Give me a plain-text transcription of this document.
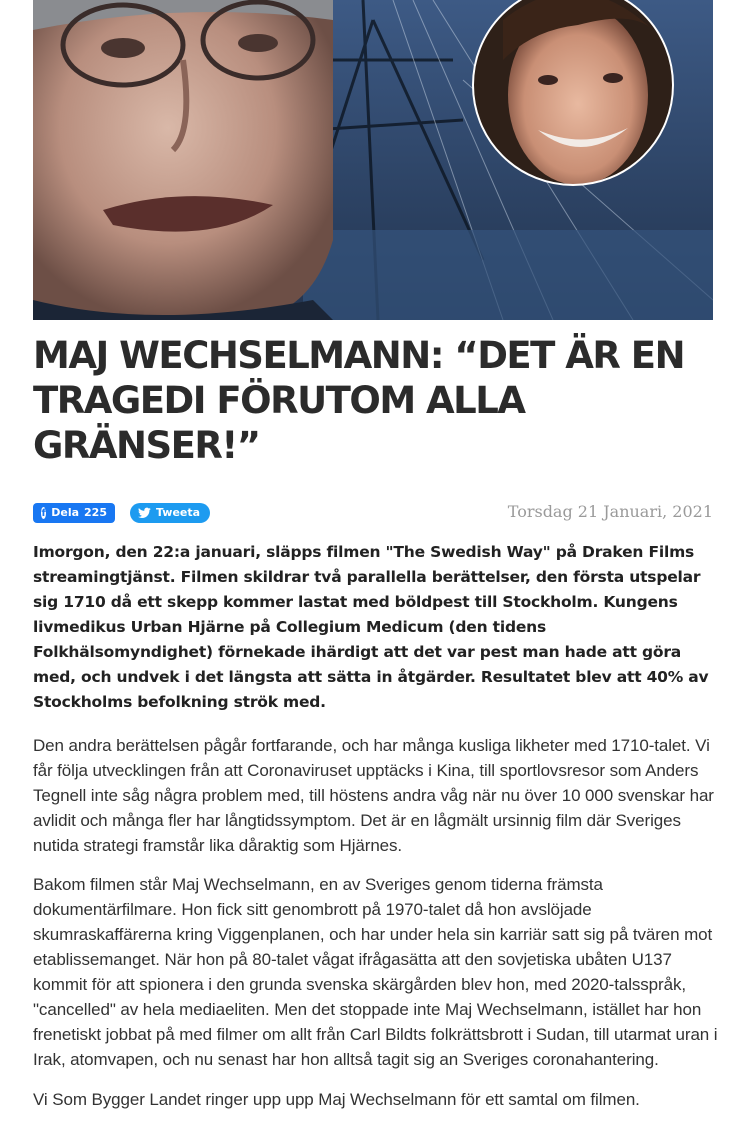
MAJ WECHSELMANN: “DET ÄR EN TRAGEDI FÖRUTOM ALLA GRÄNSER!”
f Dela 225	Tweeta	Torsdag 21 Januari, 2021

Imorgon, den 22:a januari, släpps filmen "The Swedish Way" på Draken Films streamingtjänst. Filmen skildrar två parallella berättelser, den första utspelar sig 1710 då ett skepp kommer lastat med böldpest till Stockholm. Kungens livmedikus Urban Hjärne på Collegium Medicum (den tidens Folkhälsomyndighet) förnekade ihärdigt att det var pest man hade att göra med, och undvek i det längsta att sätta in åtgärder. Resultatet blev att 40% av Stockholms befolkning strök med.

Den andra berättelsen pågår fortfarande, och har många kusliga likheter med 1710-talet. Vi får följa utvecklingen från att Coronaviruset upptäcks i Kina, till sportlovsresor som Anders Tegnell inte såg några problem med, till höstens andra våg när nu över 10 000 svenskar har avlidit och många fler har långtidssymptom. Det är en lågmält ursinnig film där Sveriges nutida strategi framstår lika dåraktig som Hjärnes.

Bakom filmen står Maj Wechselmann, en av Sveriges genom tiderna främsta dokumentärfilmare. Hon fick sitt genombrott på 1970-talet då hon avslöjade skumraskaffärerna kring Viggenplanen, och har under hela sin karriär satt sig på tvären mot etablissemanget. När hon på 80-talet vågat ifrågasätta att den sovjetiska ubåten U137 kommit för att spionera i den grunda svenska skärgården blev hon, med 2020-talsspråk, "cancelled" av hela mediaeliten. Men det stoppade inte Maj Wechselmann, istället har hon frenetiskt jobbat på med filmer om allt från Carl Bildts folkrättsbrott i Sudan, till utarmat uran i Irak, atomvapen, och nu senast har hon alltså tagit sig an Sveriges coronahantering.

Vi Som Bygger Landet ringer upp upp Maj Wechselmann för ett samtal om filmen.
